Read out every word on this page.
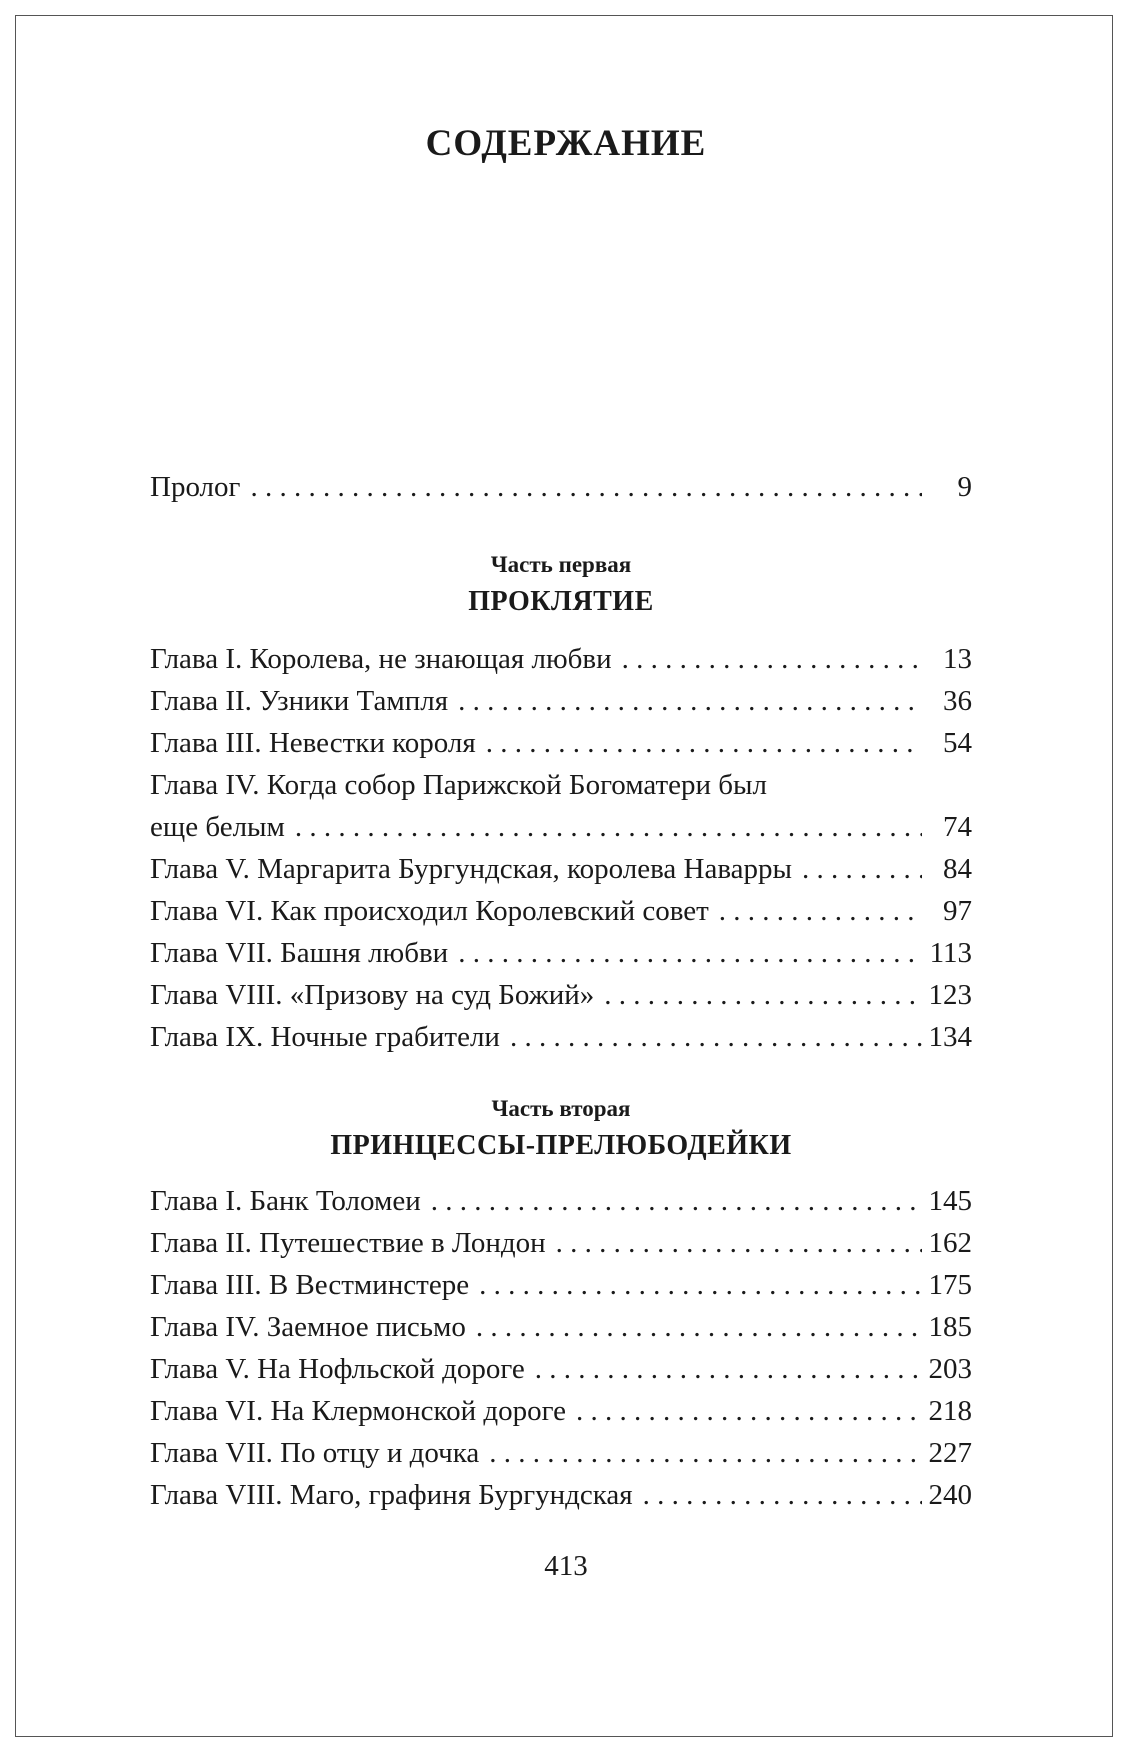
СОДЕРЖАНИЕ
Пролог . . .	9
Часть первая
ПРОКЛЯТИЕ
Глава I. Королева, не знающая любви . . .	13
Глава II. Узники Тампля . . .	36
Глава III. Невестки короля . . .	54
Глава IV. Когда собор Парижской Богоматери был
еще белым . . .	74
Глава V. Маргарита Бургундская, королева Наварры . . .	84
Глава VI. Как происходил Королевский совет . . .	97
Глава VII. Башня любви . . .	113
Глава VIII. «Призову на суд Божий» . . .	123
Глава IX. Ночные грабители . . .	134
Часть вторая
ПРИНЦЕССЫ-ПРЕЛЮБОДЕЙКИ
Глава I. Банк Толомеи . . .	145
Глава II. Путешествие в Лондон . . .	162
Глава III. В Вестминстере . . .	175
Глава IV. Заемное письмо . . .	185
Глава V. На Нофльской дороге . . .	203
Глава VI. На Клермонской дороге . . .	218
Глава VII. По отцу и дочка . . .	227
Глава VIII. Маго, графиня Бургундская . . .	240
413
